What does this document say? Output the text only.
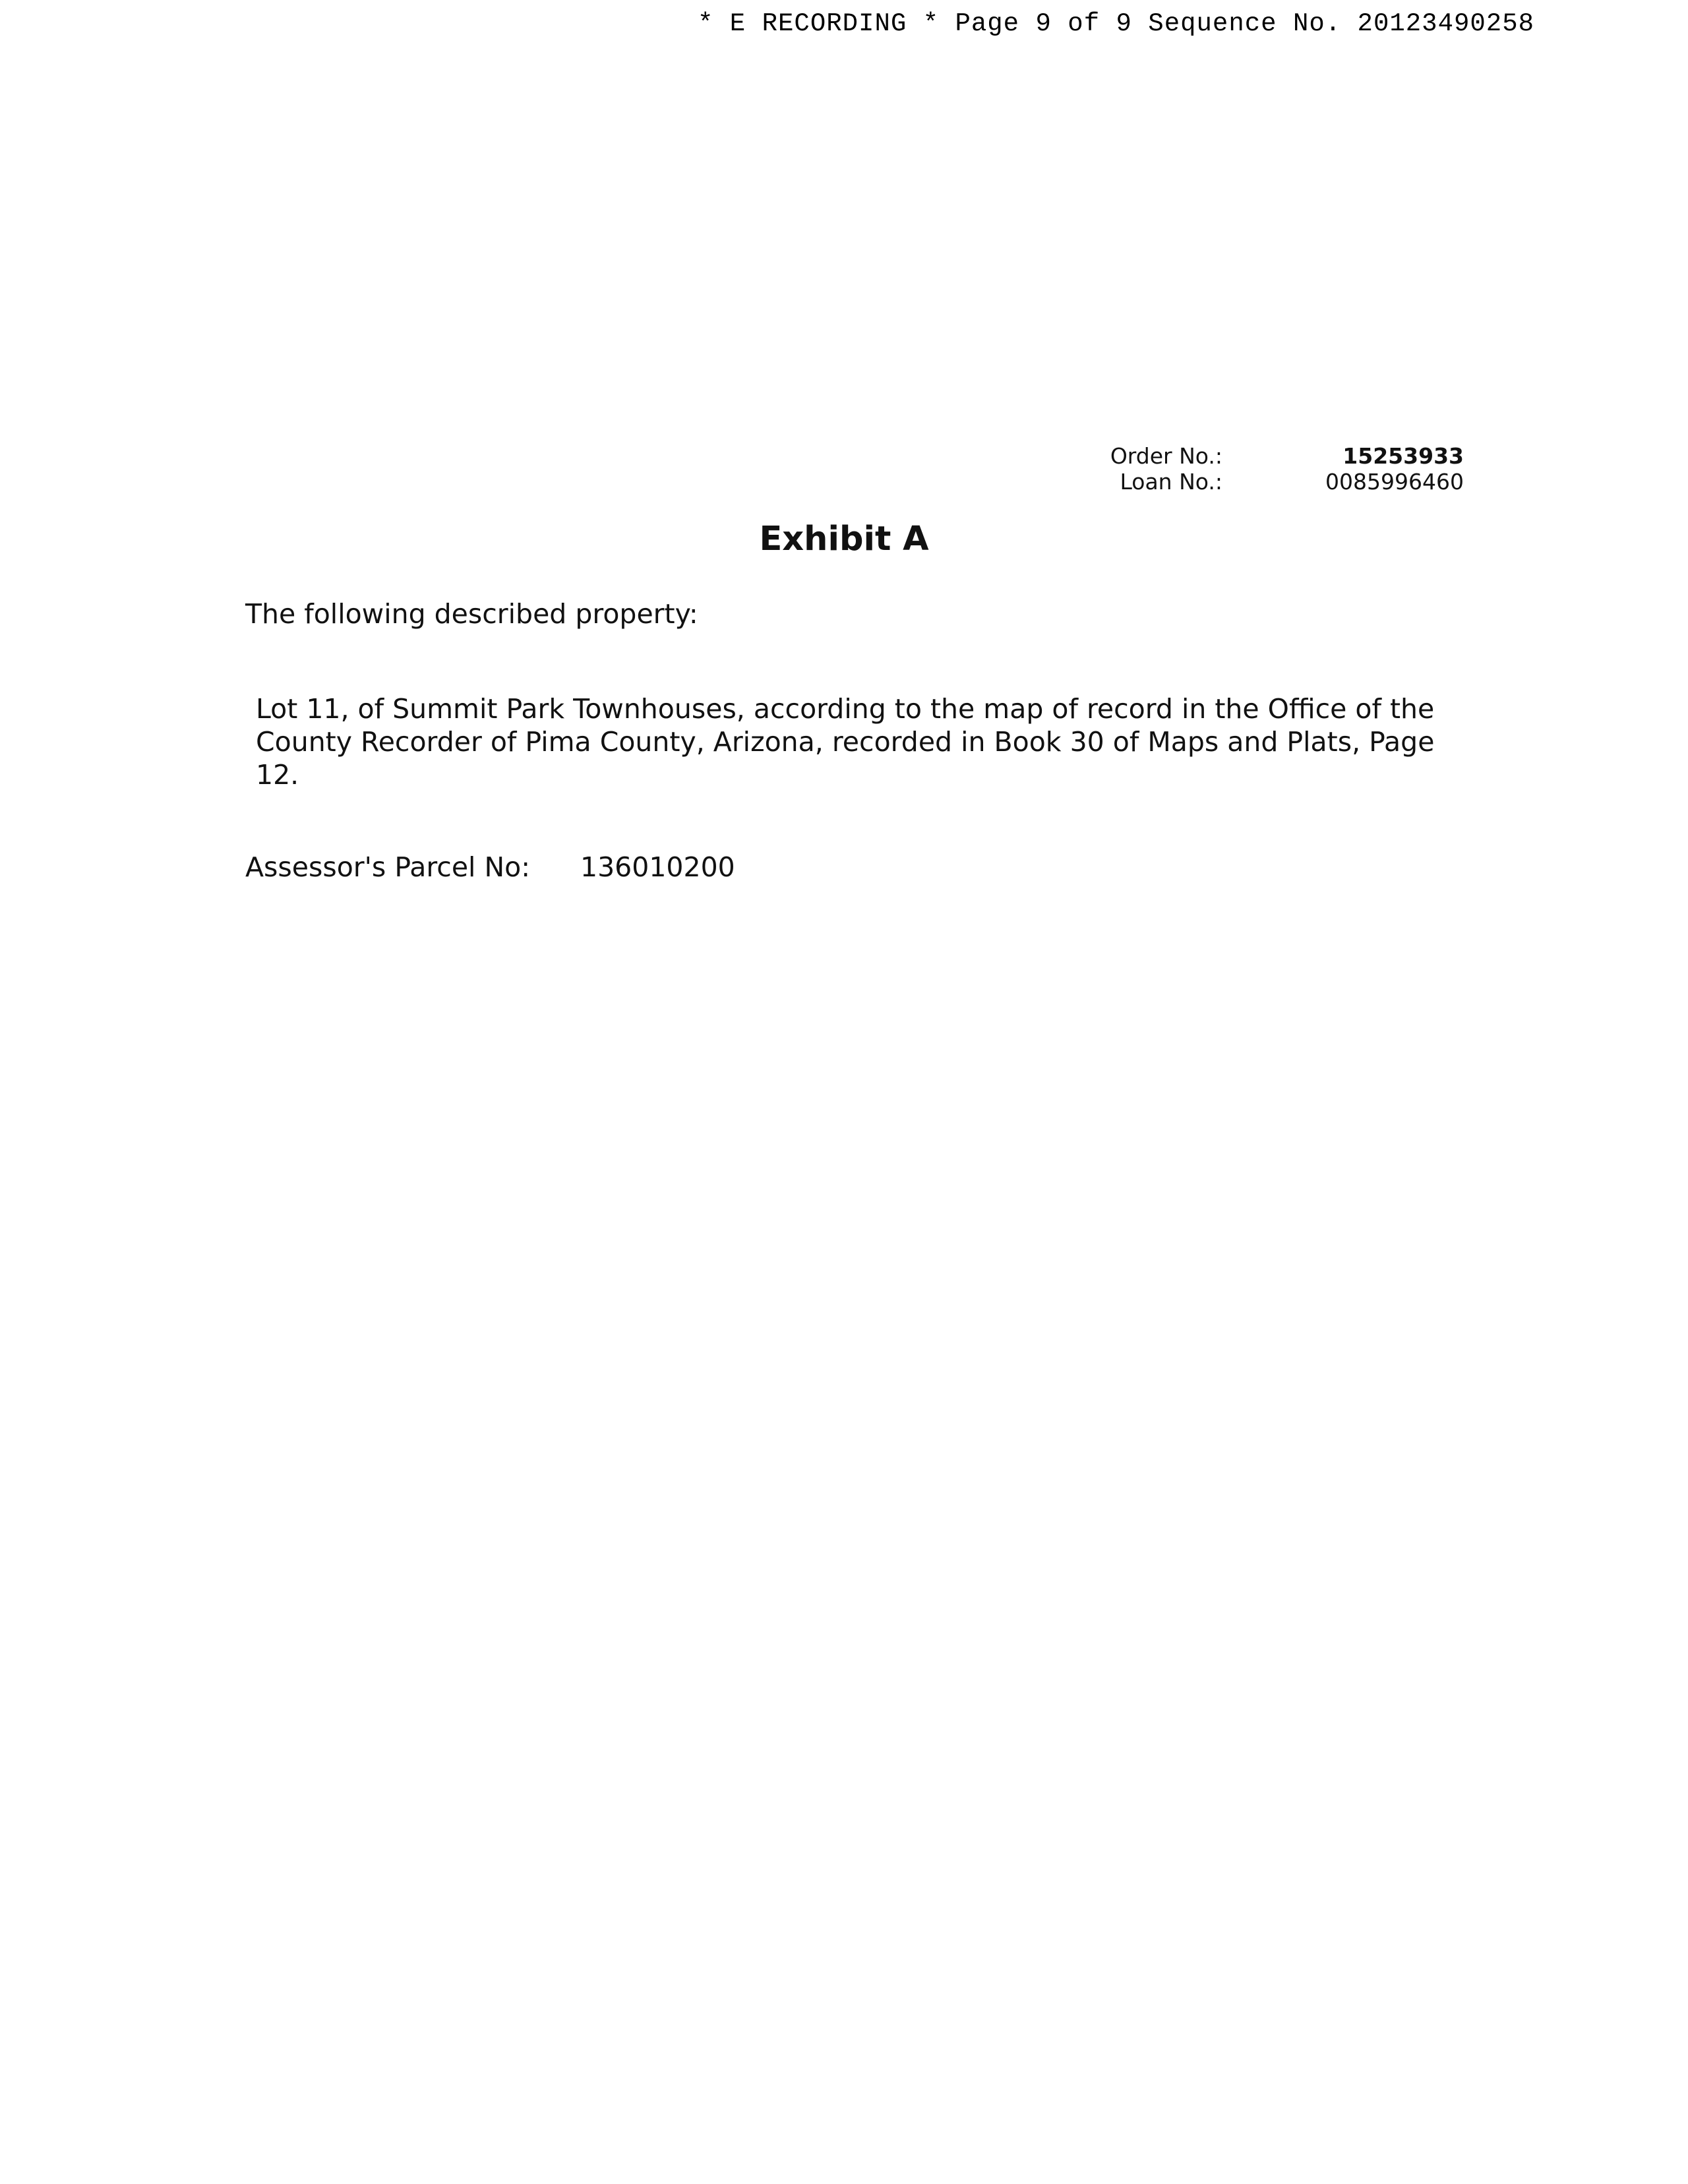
* E RECORDING * Page 9 of 9 Sequence No. 20123490258
Order No.:	15253933
Loan No.:	0085996460
Exhibit A
The following described property:
Lot 11, of Summit Park Townhouses, according to the map of record in the Office of the County Recorder of Pima County, Arizona, recorded in Book 30 of Maps and Plats, Page 12.
Assessor's Parcel No: 136010200
